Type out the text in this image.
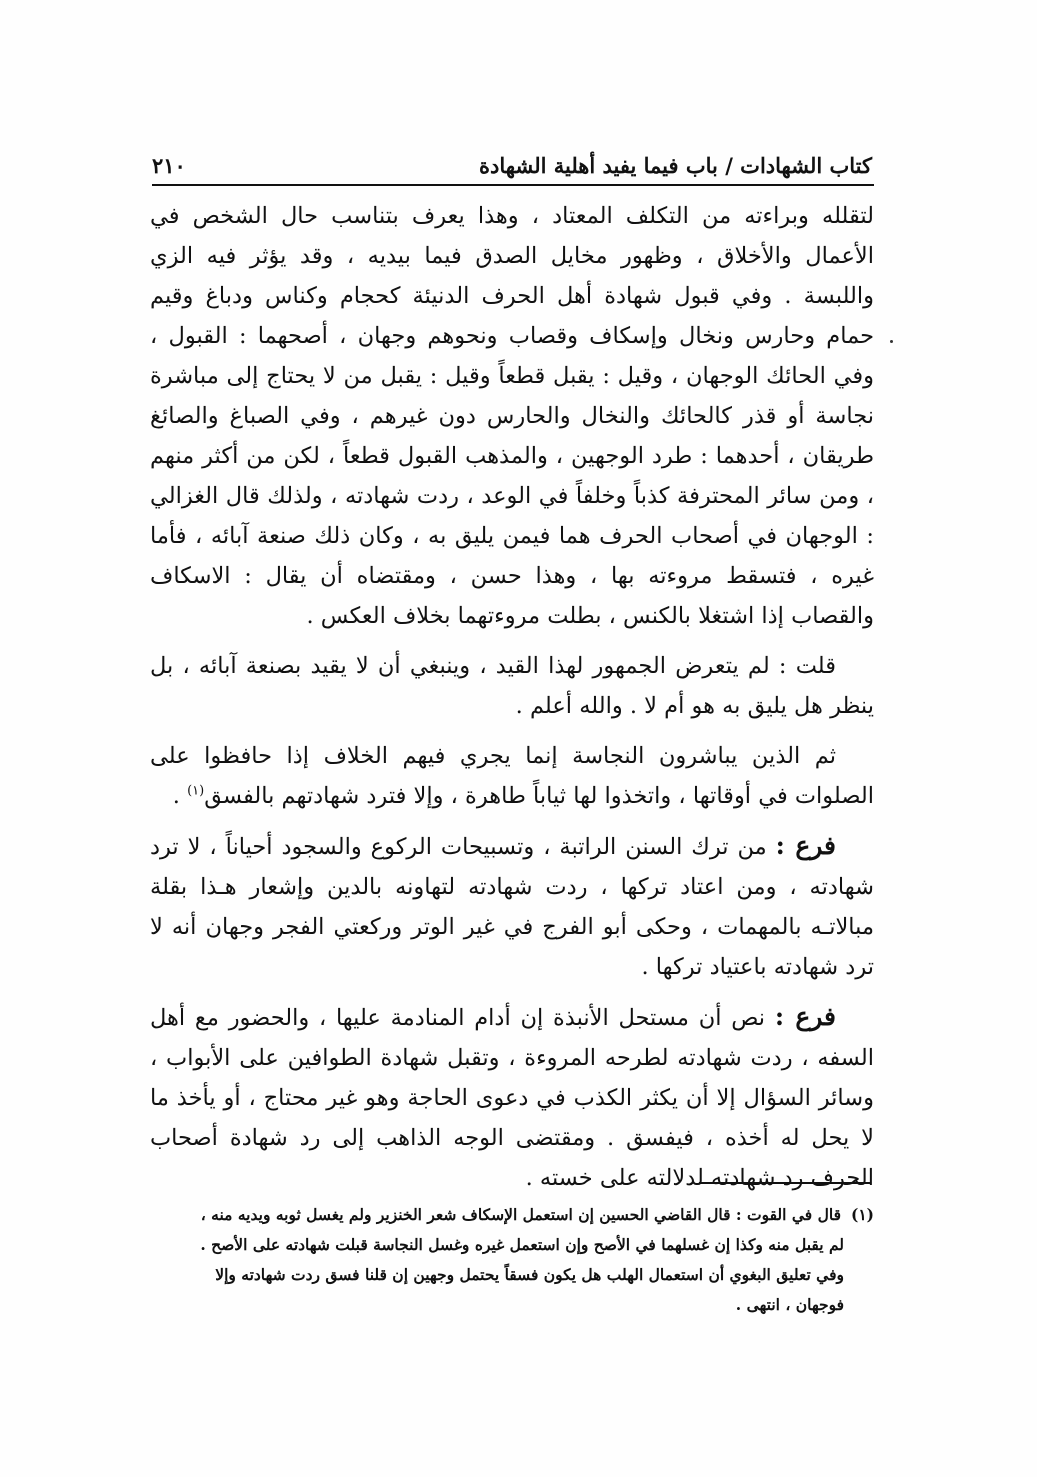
كتاب الشهادات / باب فيما يفيد أهلية الشهادة
٢١٠

لتقلله وبراءته من التكلف المعتاد ، وهذا يعرف بتناسب حال الشخص في الأعمال والأخلاق ، وظهور مخايل الصدق فيما بيديه ، وقد يؤثر فيه الزي واللبسة . وفي قبول شهادة أهل الحرف الدنيئة كحجام وكناس ودباغ وقيم حمام وحارس ونخال وإسكاف وقصاب ونحوهم وجهان ، أصحهما : القبول ، وفي الحائك الوجهان ، وقيل : يقبل قطعاً وقيل : يقبل من لا يحتاج إلى مباشرة نجاسة أو قذر كالحائك والنخال والحارس دون غيرهم ، وفي الصباغ والصائغ طريقان ، أحدهما : طرد الوجهين ، والمذهب القبول قطعاً ، لكن من أكثر منهم ، ومن سائر المحترفة كذباً وخلفاً في الوعد ، ردت شهادته ، ولذلك قال الغزالي : الوجهان في أصحاب الحرف هما فيمن يليق به ، وكان ذلك صنعة آبائه ، فأما غيره ، فتسقط مروءته بها ، وهذا حسن ، ومقتضاه أن يقال : الاسكاف والقصاب إذا اشتغلا بالكنس ، بطلت مروءتهما بخلاف العكس .

قلت : لم يتعرض الجمهور لهذا القيد ، وينبغي أن لا يقيد بصنعة آبائه ، بل ينظر هل يليق به هو أم لا . والله أعلم .

ثم الذين يباشرون النجاسة إنما يجري فيهم الخلاف إذا حافظوا على الصلوات في أوقاتها ، واتخذوا لها ثياباً طاهرة ، وإلا فترد شهادتهم بالفسق$^{(١)}$ .

فرع : من ترك السنن الراتبة ، وتسبيحات الركوع والسجود أحياناً ، لا ترد شهادته ، ومن اعتاد تركها ، ردت شهادته لتهاونه بالدين وإشعار هـذا بقلة مبالاتـه بالمهمات ، وحكى أبو الفرج في غير الوتر وركعتي الفجر وجهان أنه لا ترد شهادته باعتياد تركها .

فرع : نص أن مستحل الأنبذة إن أدام المنادمة عليها ، والحضور مع أهل السفه ، ردت شهادته لطرحه المروءة ، وتقبل شهادة الطوافين على الأبواب ، وسائر السؤال إلا أن يكثر الكذب في دعوى الحاجة وهو غير محتاج ، أو يأخذ ما لا يحل له أخذه ، فيفسق . ومقتضى الوجه الذاهب إلى رد شهادة أصحاب الحرف رد شهادته لدلالته على خسته .

(١)قال في القوت : قال القاضي الحسين إن استعمل الإسكاف شعر الخنزير ولم يغسل ثوبه ويديه منه ،
لم يقبل منه وكذا إن غسلهما في الأصح وإن استعمل غيره وغسل النجاسة قبلت شهادته على الأصح .
وفي تعليق البغوي أن استعمال الهلب هل يكون فسقاً يحتمل وجهين إن قلنا فسق ردت شهادته وإلا
فوجهان ، انتهى .
